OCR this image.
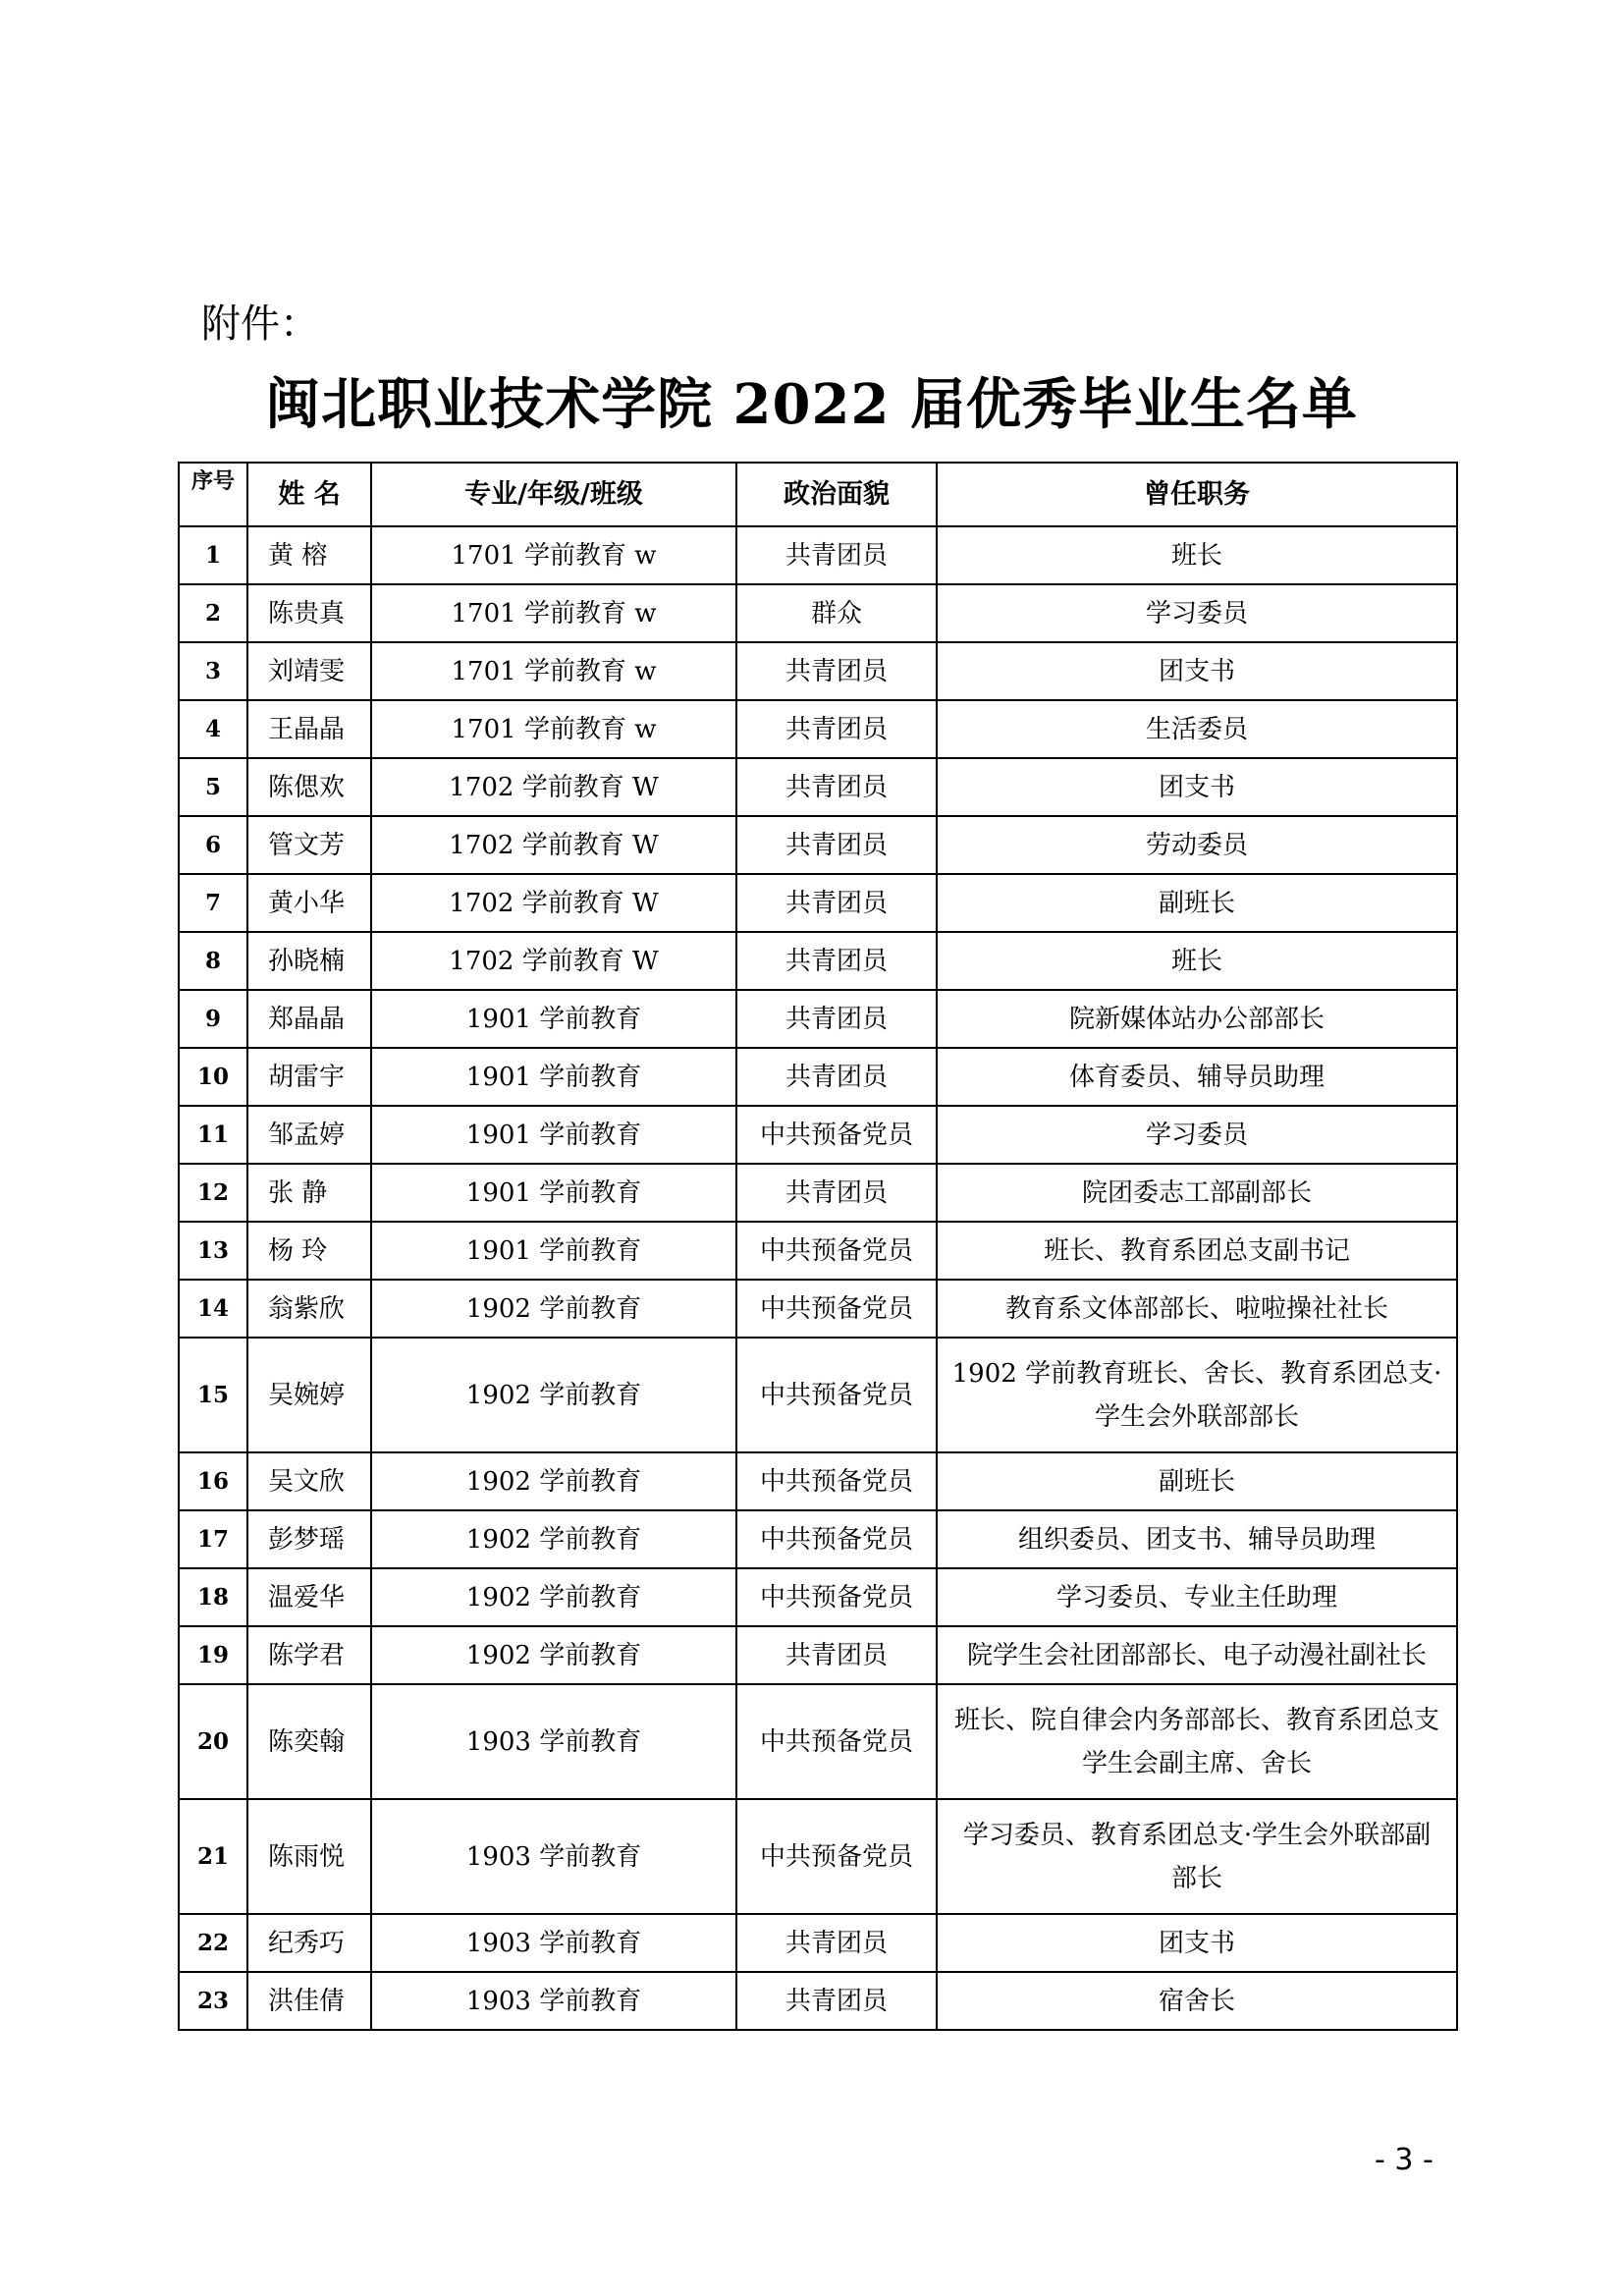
附件：
闽北职业技术学院 2022 届优秀毕业生名单
序号	姓 名	专业/年级/班级	政治面貌	曾任职务
1	黄 榕	1701 学前教育 w	共青团员	班长
2	陈贵真	1701 学前教育 w	群众	学习委员
3	刘靖雯	1701 学前教育 w	共青团员	团支书
4	王晶晶	1701 学前教育 w	共青团员	生活委员
5	陈偲欢	1702 学前教育 W	共青团员	团支书
6	管文芳	1702 学前教育 W	共青团员	劳动委员
7	黄小华	1702 学前教育 W	共青团员	副班长
8	孙晓楠	1702 学前教育 W	共青团员	班长
9	郑晶晶	1901 学前教育	共青团员	院新媒体站办公部部长
10	胡雷宇	1901 学前教育	共青团员	体育委员、辅导员助理
11	邹孟婷	1901 学前教育	中共预备党员	学习委员
12	张 静	1901 学前教育	共青团员	院团委志工部副部长
13	杨 玲	1901 学前教育	中共预备党员	班长、教育系团总支副书记
14	翁紫欣	1902 学前教育	中共预备党员	教育系文体部部长、啦啦操社社长
15	吴婉婷	1902 学前教育	中共预备党员	1902 学前教育班长、舍长、教育系团总支·学生会外联部部长
16	吴文欣	1902 学前教育	中共预备党员	副班长
17	彭梦瑶	1902 学前教育	中共预备党员	组织委员、团支书、辅导员助理
18	温爱华	1902 学前教育	中共预备党员	学习委员、专业主任助理
19	陈学君	1902 学前教育	共青团员	院学生会社团部部长、电子动漫社副社长
20	陈奕翰	1903 学前教育	中共预备党员	班长、院自律会内务部部长、教育系团总支学生会副主席、舍长
21	陈雨悦	1903 学前教育	中共预备党员	学习委员、教育系团总支·学生会外联部副部长
22	纪秀巧	1903 学前教育	共青团员	团支书
23	洪佳倩	1903 学前教育	共青团员	宿舍长
- 3 -
